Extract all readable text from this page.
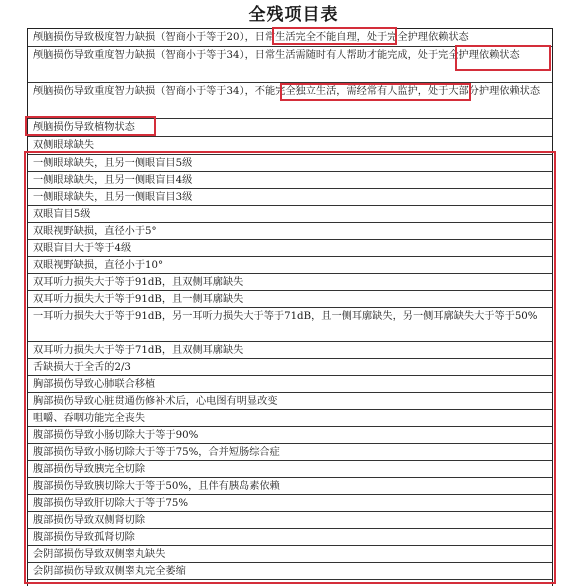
全残项目表
颅脑损伤导致极度智力缺损（智商小于等于20），日常生活完全不能自理，处于完全护理依赖状态
颅脑损伤导致重度智力缺损（智商小于等于34），日常生活需随时有人帮助才能完成，处于完全护理依赖状态
颅脑损伤导致重度智力缺损（智商小于等于34），不能完全独立生活，需经常有人监护，处于大部分护理依赖状态
颅脑损伤导致植物状态
双侧眼球缺失
一侧眼球缺失，且另一侧眼盲目5级
一侧眼球缺失，且另一侧眼盲目4级
一侧眼球缺失，且另一侧眼盲目3级
双眼盲目5级
双眼视野缺损，直径小于5°
双眼盲目大于等于4级
双眼视野缺损，直径小于10°
双耳听力损失大于等于91dB，且双侧耳廓缺失
双耳听力损失大于等于91dB，且一侧耳廓缺失
一耳听力损失大于等于91dB，另一耳听力损失大于等于71dB，且一侧耳廓缺失，另一侧耳廓缺失大于等于50%
双耳听力损失大于等于71dB，且双侧耳廓缺失
舌缺损大于全舌的2/3
胸部损伤导致心肺联合移植
胸部损伤导致心脏贯通伤修补术后，心电图有明显改变
咀嚼、吞咽功能完全丧失
腹部损伤导致小肠切除大于等于90%
腹部损伤导致小肠切除大于等于75%，合并短肠综合症
腹部损伤导致胰完全切除
腹部损伤导致胰切除大于等于50%，且伴有胰岛素依赖
腹部损伤导致肝切除大于等于75%
腹部损伤导致双侧肾切除
腹部损伤导致孤肾切除
会阴部损伤导致双侧睾丸缺失
会阴部损伤导致双侧睾丸完全萎缩
